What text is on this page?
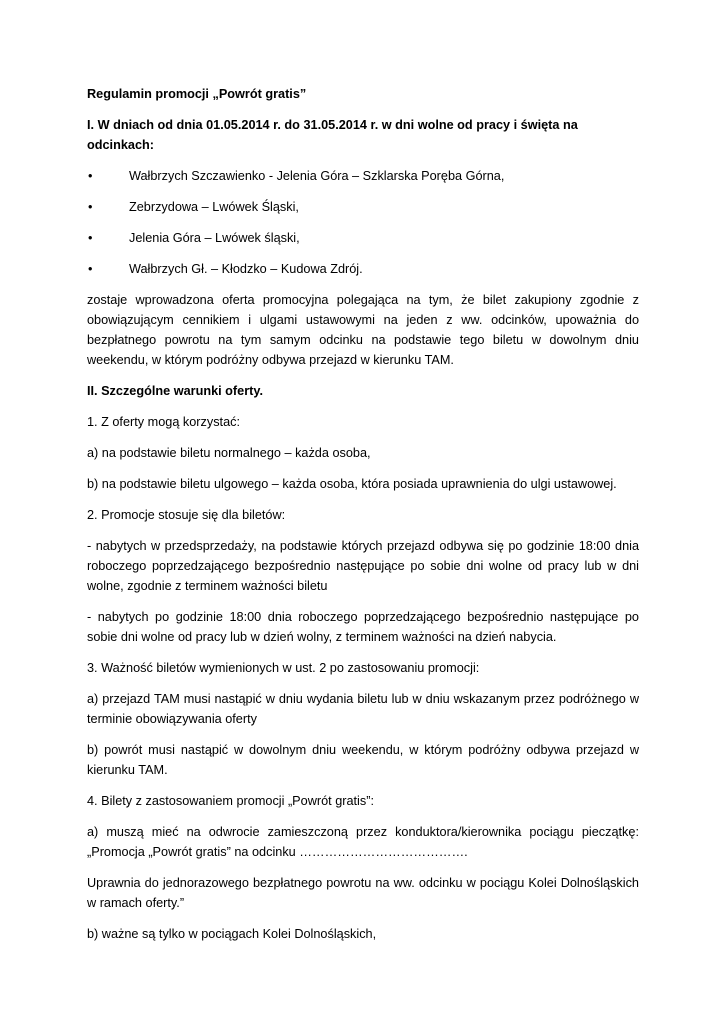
Regulamin promocji „Powrót gratis”

I. W dniach od dnia 01.05.2014 r. do 31.05.2014 r. w dni wolne od pracy i święta na odcinkach:

•	Wałbrzych Szczawienko - Jelenia Góra – Szklarska Poręba Górna,
•	Zebrzydowa – Lwówek Śląski,
•	Jelenia Góra – Lwówek śląski,
•	Wałbrzych Gł. – Kłodzko – Kudowa Zdrój.

zostaje wprowadzona oferta promocyjna polegająca na tym, że bilet zakupiony zgodnie z obowiązującym cennikiem i ulgami ustawowymi na jeden z ww. odcinków, upoważnia do bezpłatnego powrotu na tym samym odcinku na podstawie tego biletu w dowolnym dniu weekendu, w którym podróżny odbywa przejazd w kierunku TAM.

II. Szczególne warunki oferty.

1. Z oferty mogą korzystać:

a) na podstawie biletu normalnego – każda osoba,

b) na podstawie biletu ulgowego – każda osoba, która posiada uprawnienia do ulgi ustawowej.

2. Promocje stosuje się dla biletów:

- nabytych w przedsprzedaży, na podstawie których przejazd odbywa się po godzinie 18:00 dnia roboczego poprzedzającego bezpośrednio następujące po sobie dni wolne od pracy lub w dni wolne, zgodnie z terminem ważności biletu

- nabytych po godzinie 18:00 dnia roboczego poprzedzającego bezpośrednio następujące po sobie dni wolne od pracy lub w dzień wolny, z terminem ważności na dzień nabycia.

3. Ważność biletów wymienionych w ust. 2 po zastosowaniu promocji:

a) przejazd TAM musi nastąpić w dniu wydania biletu lub w dniu wskazanym przez podróżnego w terminie obowiązywania oferty

b) powrót musi nastąpić w dowolnym dniu weekendu, w którym podróżny odbywa przejazd w kierunku TAM.

4. Bilety z zastosowaniem promocji „Powrót gratis”:

a) muszą mieć na odwrocie zamieszczoną przez konduktora/kierownika pociągu pieczątkę: „Promocja „Powrót gratis” na odcinku ………………………………….

Uprawnia do jednorazowego bezpłatnego powrotu na ww. odcinku w pociągu Kolei Dolnośląskich w ramach oferty.”

b) ważne są tylko w pociągach Kolei Dolnośląskich,
